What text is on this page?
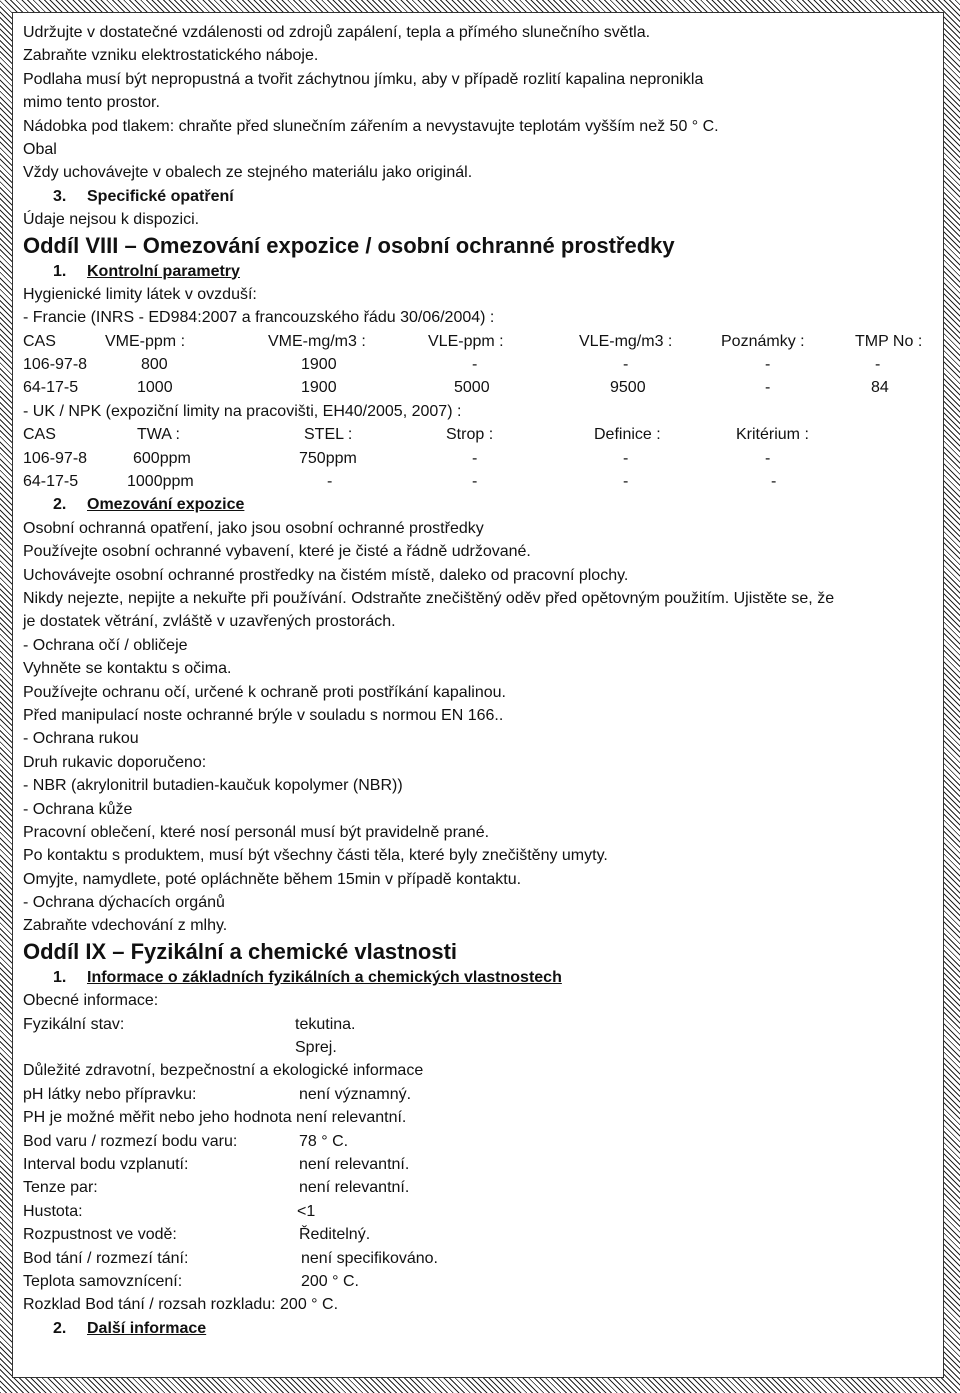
Udržujte v dostatečné vzdálenosti od zdrojů zapálení, tepla a přímého slunečního světla.
Zabraňte vzniku elektrostatického náboje.
Podlaha musí být nepropustná a tvořit záchytnou jímku, aby v případě rozlití kapalina nepronikla
mimo tento prostor.
Nádobka pod tlakem: chraňte před slunečním zářením a nevystavujte teplotám vyšším než 50 ° C.
Obal
Vždy uchovávejte v obalech ze stejného materiálu jako originál.
3. Specifické opatření
Údaje nejsou k dispozici.
Oddíl VIII – Omezování expozice / osobní ochranné prostředky
1. Kontrolní parametry
Hygienické limity látek v ovzduší:
- Francie (INRS - ED984:2007 a francouzského řádu 30/06/2004) :
CAS	VME-ppm :	VME-mg/m3 :	VLE-ppm :	VLE-mg/m3 :	Poznámky :	TMP No :
106-97-8	800	1900	-	-	-	-
64-17-5	1000	1900	5000	9500	-	84
- UK / NPK (expoziční limity na pracovišti, EH40/2005, 2007) :
CAS	TWA :	STEL :	Strop :	Definice :	Kritérium :
106-97-8	600ppm	750ppm	-	-	-
64-17-5	1000ppm	-	-	-	-
2. Omezování expozice
Osobní ochranná opatření, jako jsou osobní ochranné prostředky
Používejte osobní ochranné vybavení, které je čisté a řádně udržované.
Uchovávejte osobní ochranné prostředky na čistém místě, daleko od pracovní plochy.
Nikdy nejezte, nepijte a nekuřte při používání. Odstraňte znečištěný oděv před opětovným použitím. Ujistěte se, že
je dostatek větrání, zvláště v uzavřených prostorách.
- Ochrana očí / obličeje
Vyhněte se kontaktu s očima.
Používejte ochranu očí, určené k ochraně proti postříkání kapalinou.
Před manipulací noste ochranné brýle v souladu s normou EN 166..
- Ochrana rukou
Druh rukavic doporučeno:
- NBR (akrylonitril butadien-kaučuk kopolymer (NBR))
- Ochrana kůže
Pracovní oblečení, které nosí personál musí být pravidelně prané.
Po kontaktu s produktem, musí být všechny části těla, které byly znečištěny umyty.
Omyjte, namydlete, poté opláchněte během 15min v případě kontaktu.
- Ochrana dýchacích orgánů
Zabraňte vdechování z mlhy.
Oddíl IX – Fyzikální a chemické vlastnosti
1. Informace o základních fyzikálních a chemických vlastnostech
Obecné informace:
Fyzikální stav:	tekutina.
Sprej.
Důležité zdravotní, bezpečnostní a ekologické informace
pH látky nebo přípravku:	není významný.
PH je možné měřit nebo jeho hodnota není relevantní.
Bod varu / rozmezí bodu varu:	78 ° C.
Interval bodu vzplanutí:	není relevantní.
Tenze par:	není relevantní.
Hustota:	<1
Rozpustnost ve vodě:	Ředitelný.
Bod tání / rozmezí tání:	není specifikováno.
Teplota samovznícení:	200 ° C.
Rozklad Bod tání / rozsah rozkladu: 200 ° C.
2. Další informace
